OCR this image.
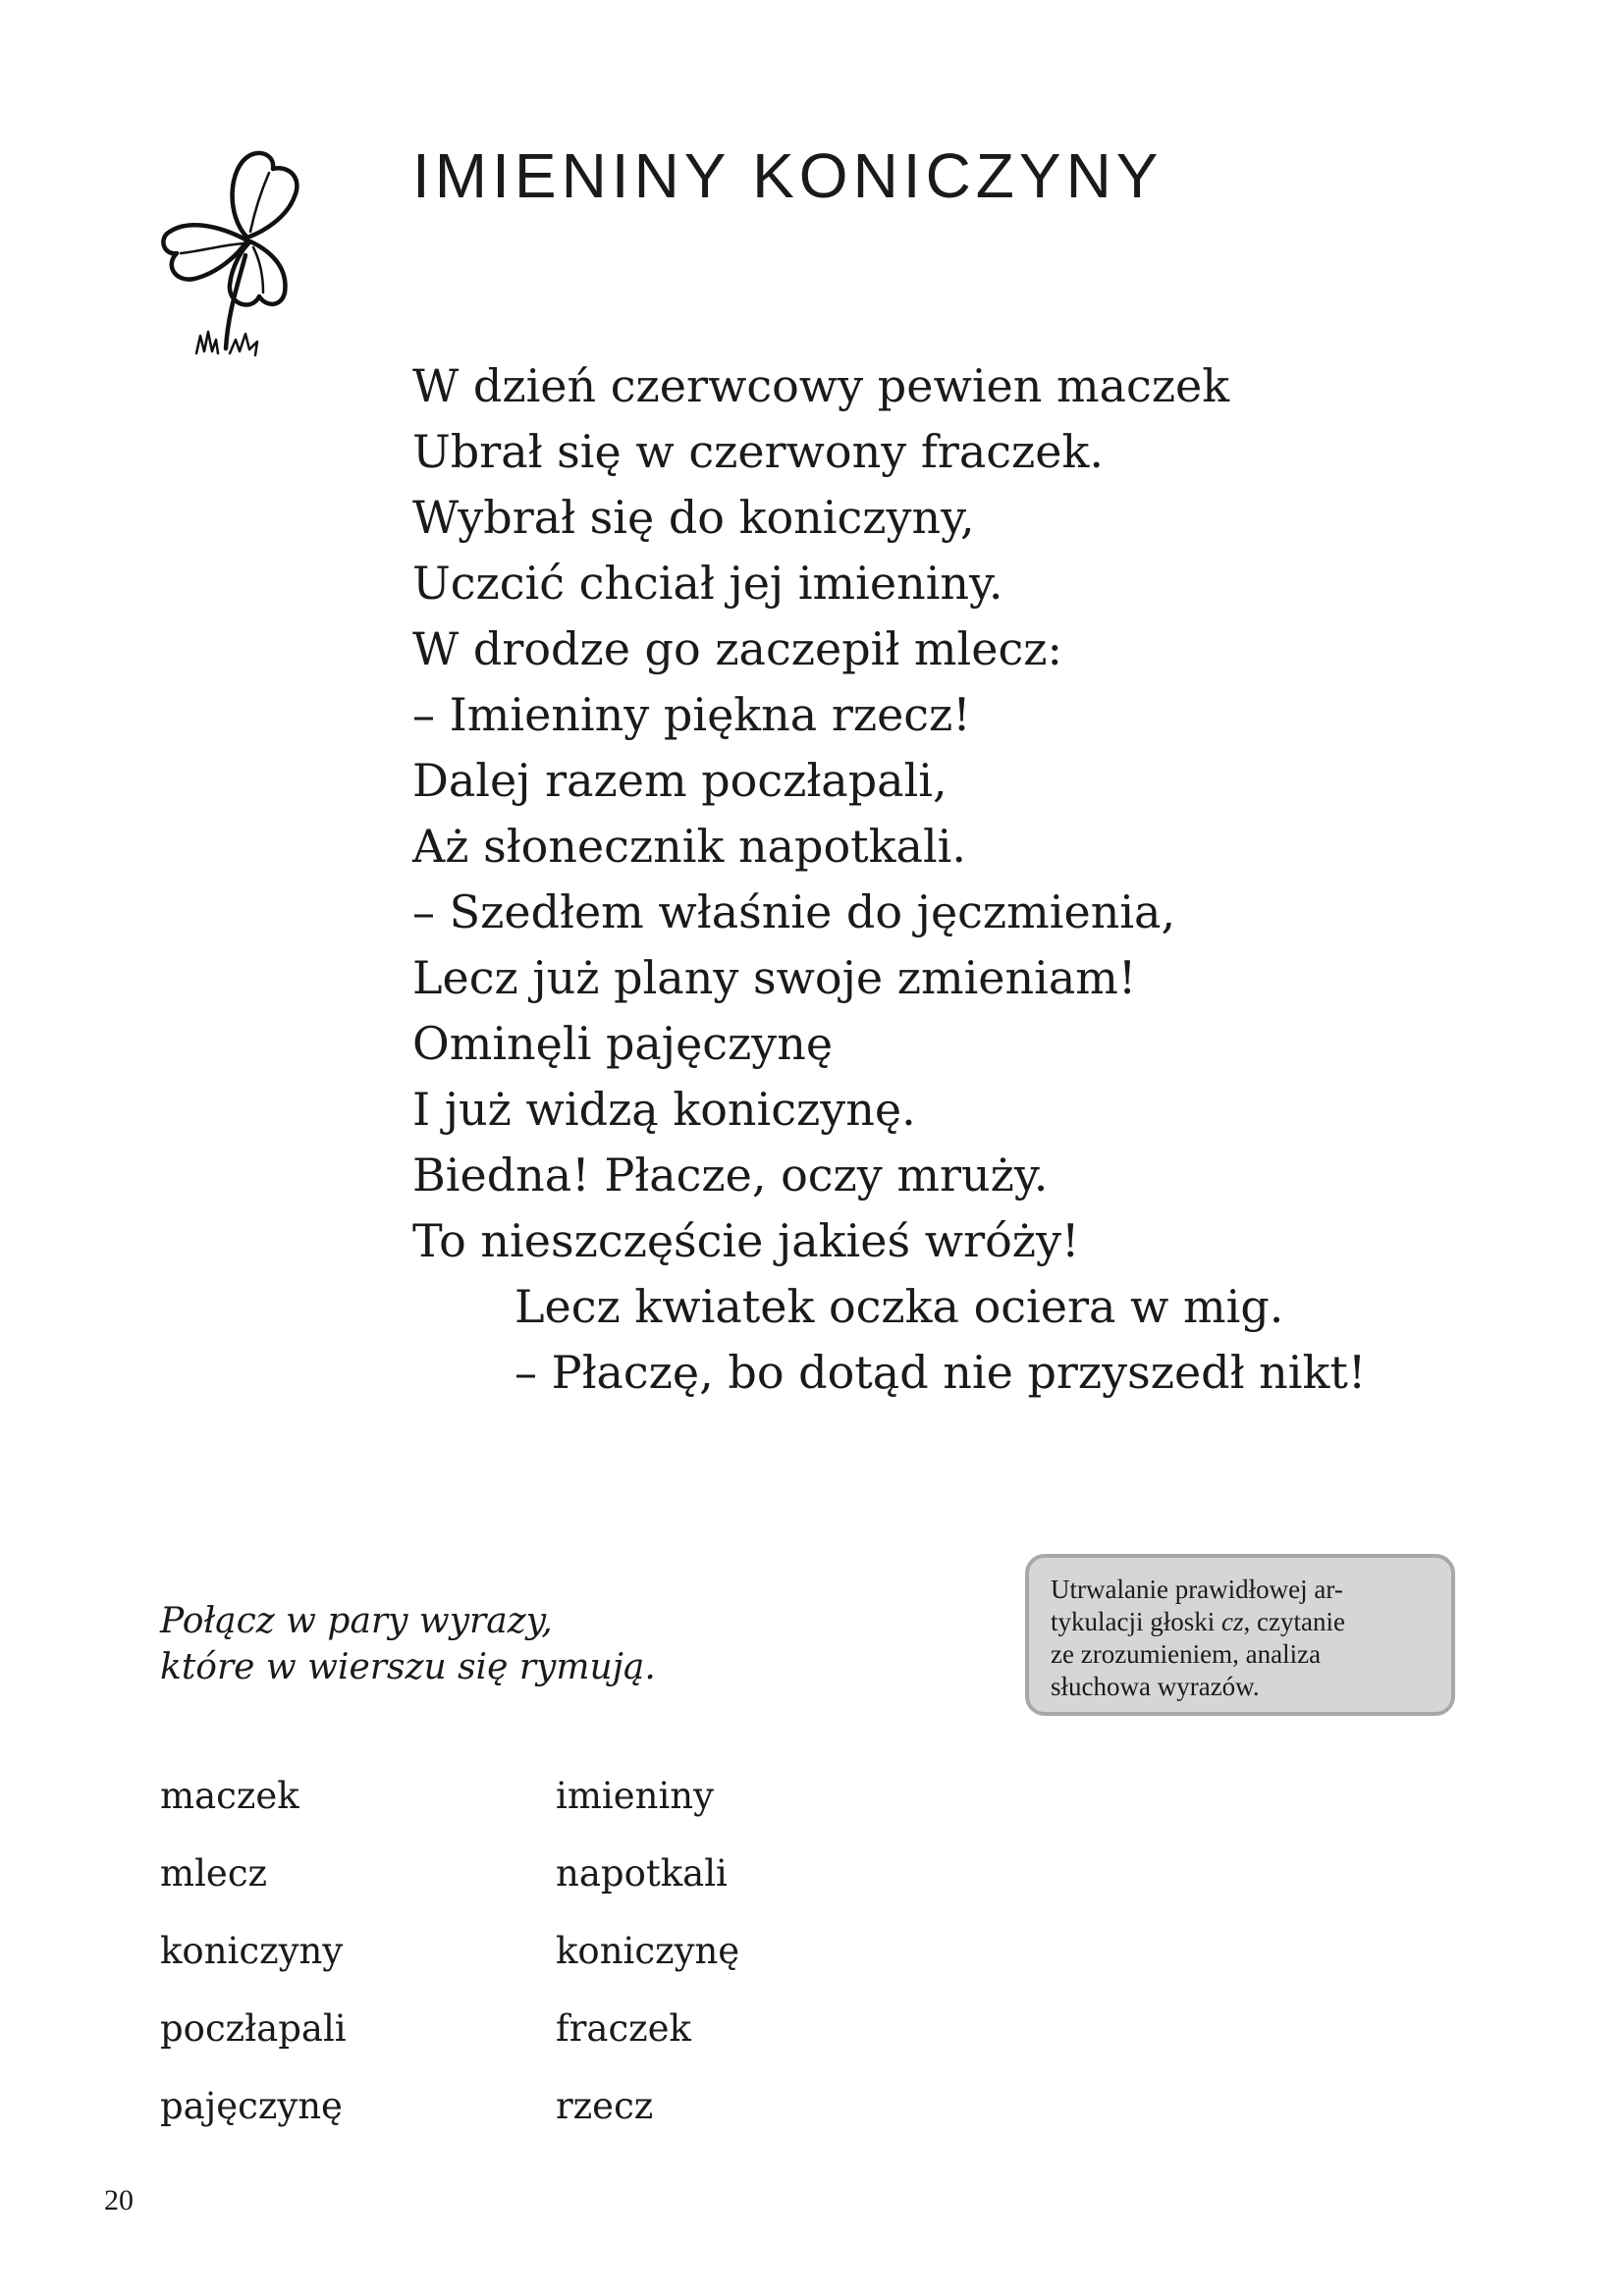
IMIENINY KONICZYNY
W dzień czerwcowy pewien maczek
Ubrał się w czerwony fraczek.
Wybrał się do koniczyny,
Uczcić chciał jej imieniny.
W drodze go zaczepił mlecz:
– Imieniny piękna rzecz!
Dalej razem poczłapali,
Aż słonecznik napotkali.
– Szedłem właśnie do jęczmienia,
Lecz już plany swoje zmieniam!
Ominęli pajęczynę
I już widzą koniczynę.
Biedna! Płacze, oczy mruży.
To nieszczęście jakieś wróży!
Lecz kwiatek oczka ociera w mig.
– Płaczę, bo dotąd nie przyszedł nikt!
Połącz w pary wyrazy,
które w wierszu się rymują.
Utrwalanie prawidłowej ar-
tykulacji głoski cz, czytanie
ze zrozumieniem, analiza
słuchowa wyrazów.
maczek	imieniny
mlecz	napotkali
koniczyny	koniczynę
poczłapali	fraczek
pajęczynę	rzecz
20
